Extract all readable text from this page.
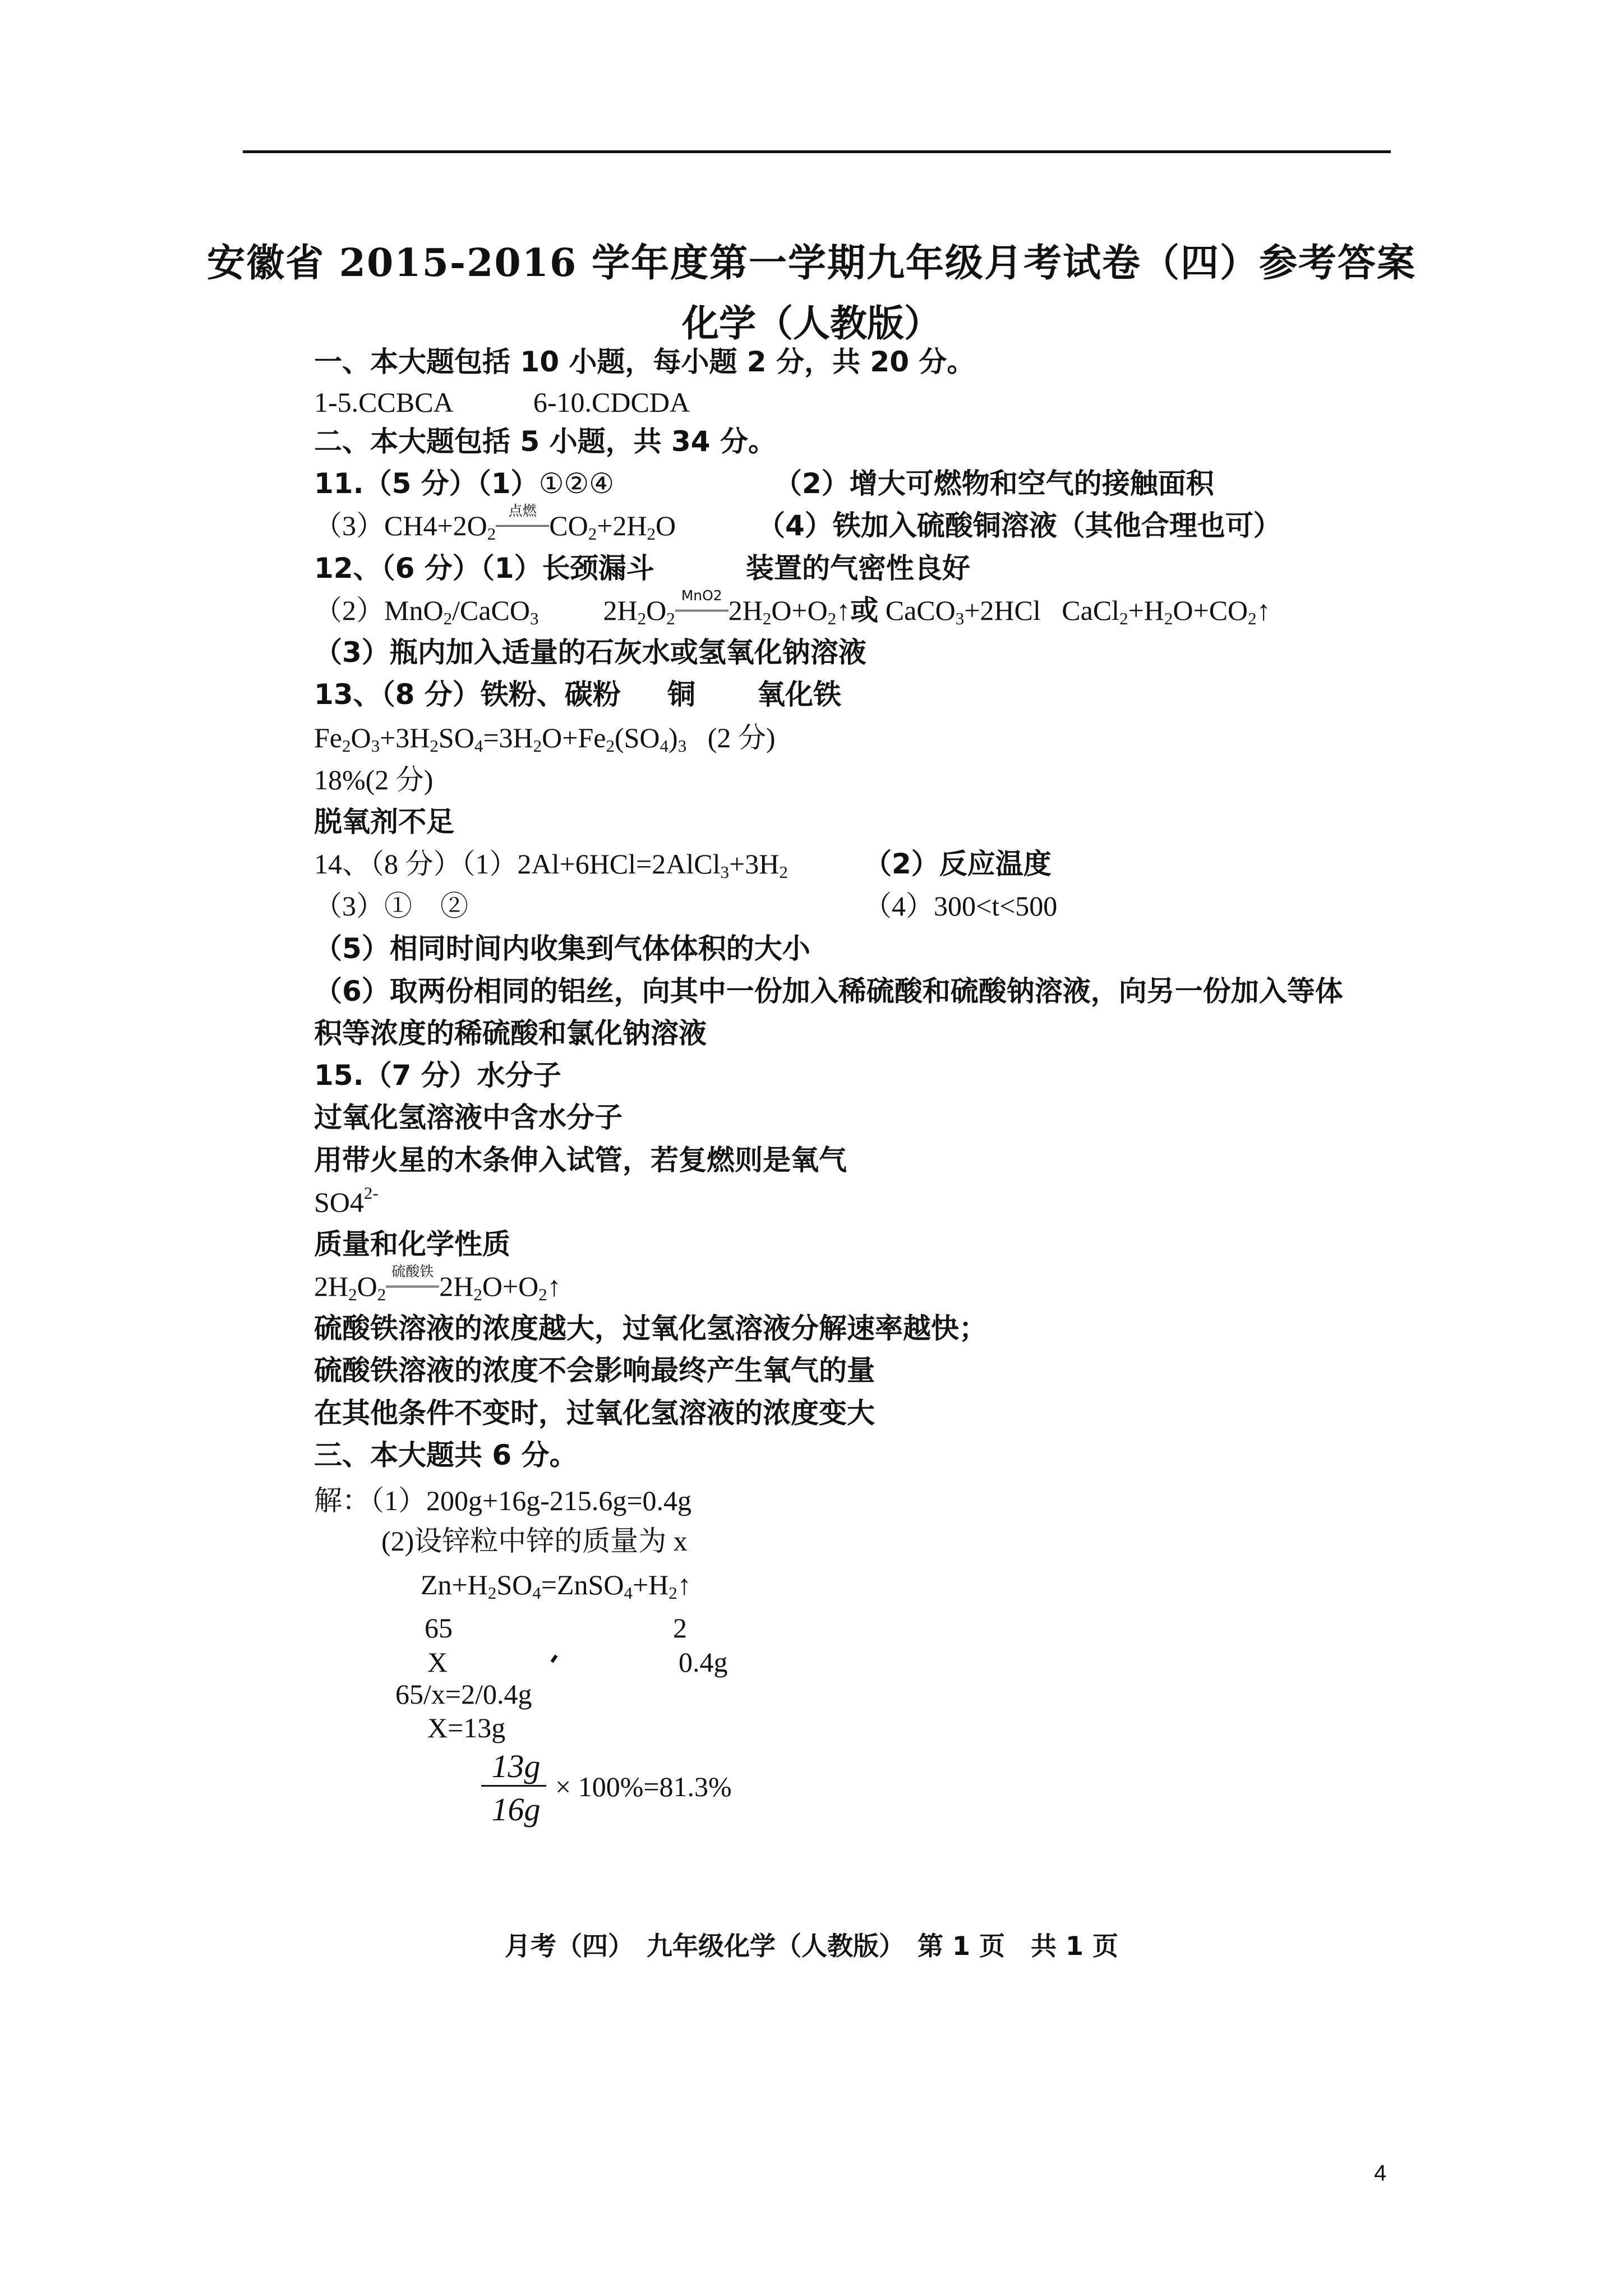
安徽省 2015-2016 学年度第一学期九年级月考试卷（四）参考答案
化学（人教版）
一、本大题包括 10 小题，每小题 2 分，共 20 分。
1-5.CCBCA	6-10.CDCDA
二、本大题包括 5 小题，共 34 分。
11.（5 分）（1）①②④	（2）增大可燃物和空气的接触面积
$(3)CH4+2O_2$
点燃 $CO_2+2H_2O$	（4）铁加入硫酸铜溶液（其他合理也可）
12、（6 分）（1）长颈漏斗	装置的气密性良好
（2）MnO$_2$/CaCO$_3$  $2H_2O_2$
MnO2 $2H_2O+O_2↑$或 CaCO$_3$+2HCl   $CaCl_2+H_2O+CO_2↑$
（3）瓶内加入适量的石灰水或氢氧化钠溶液
13、（8 分）铁粉、碳粉 铜 氧化铁
$Fe_2O_3+3H_2SO_4=3H_2O+Fe_2(SO_4)_3$ (2 分)
18%(2 分)
脱氧剂不足
14、（8 分）$(1)2Al+6HCl=2AlCl_3+3H_2$	（2）反应温度
（3）①　②	（4）300<t<500
（5）相同时间内收集到气体体积的大小
（6）取两份相同的铝丝，向其中一份加入稀硫酸和硫酸钠溶液，向另一份加入等体
积等浓度的稀硫酸和氯化钠溶液
15.（7 分）水分子
过氧化氢溶液中含水分子
用带火星的木条伸入试管，若复燃则是氧气
$SO4^{2-}$
质量和化学性质
$2H_2O_2$
硫酸铁 $2H_2O+O_2↑$
硫酸铁溶液的浓度越大，过氧化氢溶液分解速率越快；
硫酸铁溶液的浓度不会影响最终产生氧气的量
在其他条件不变时，过氧化氢溶液的浓度变大
三、本大题共 6 分。
解：（1）200g+16g-215.6g=0.4g
(2)设锌粒中锌的质量为 x
$Zn+H_2SO_4=ZnSO_4+H_2↑$
65	2
X	0.4g
65/x=2/0.4g
X=13g
13g
16g
× 100%=81.3%
月考（四）　九年级化学（人教版）　第 1 页　共 1 页
4
